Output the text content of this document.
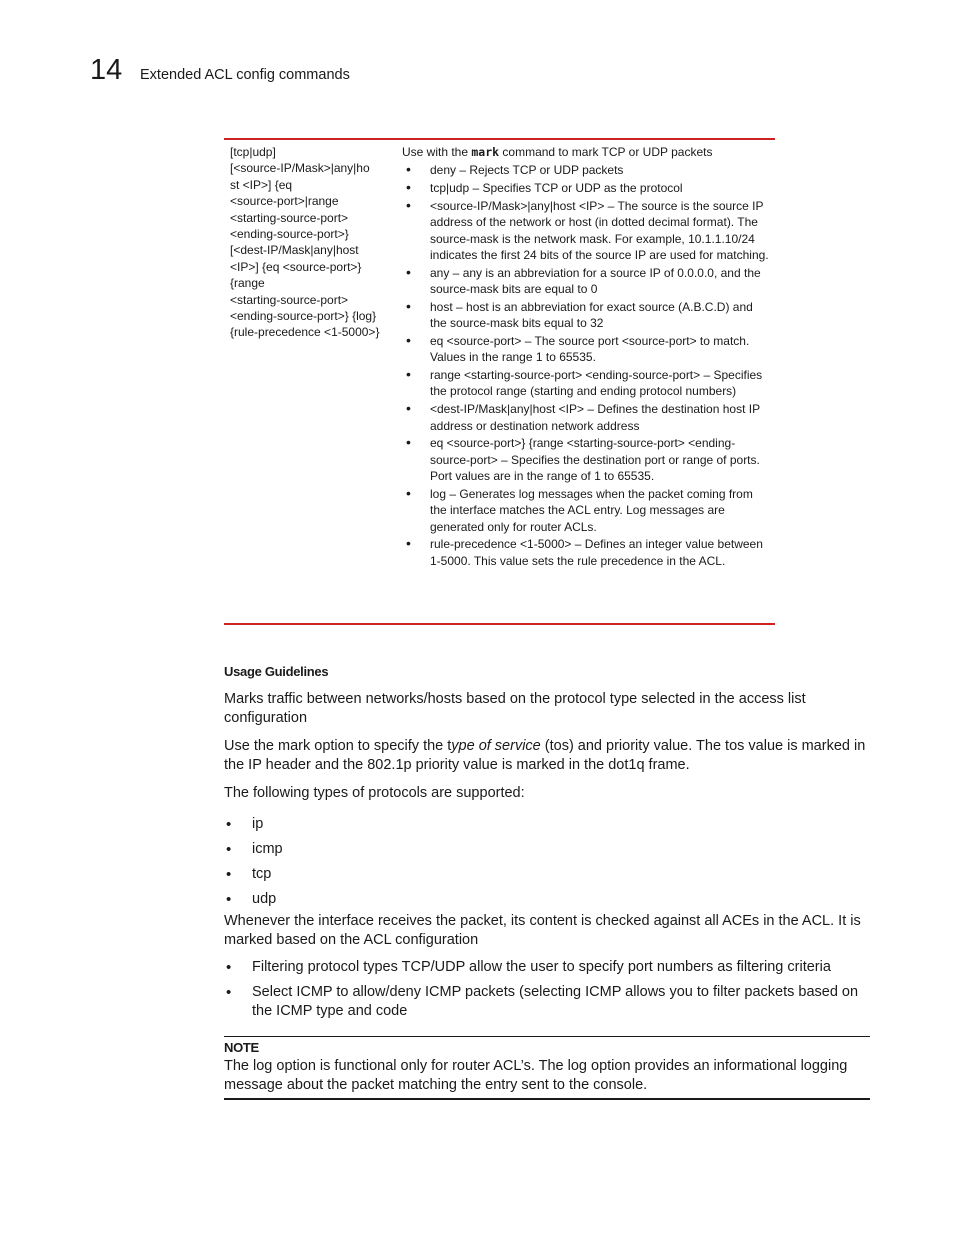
14 Extended ACL config commands
[tcp|udp]
[<source-IP/Mask>|any|ho
st <IP>] {eq
<source-port>|range
<starting-source-port>
<ending-source-port>}
[<dest-IP/Mask|any|host
<IP>] {eq <source-port>}
{range
<starting-source-port>
<ending-source-port>} {log}
{rule-precedence <1-5000>}
Use with the mark command to mark TCP or UDP packets
• deny – Rejects TCP or UDP packets
• tcp|udp – Specifies TCP or UDP as the protocol
• <source-IP/Mask>|any|host <IP> – The source is the source IP address of the network or host (in dotted decimal format). The source-mask is the network mask. For example, 10.1.1.10/24 indicates the first 24 bits of the source IP are used for matching.
• any – any is an abbreviation for a source IP of 0.0.0.0, and the source-mask bits are equal to 0
• host – host is an abbreviation for exact source (A.B.C.D) and the source-mask bits equal to 32
• eq <source-port> – The source port <source-port> to match. Values in the range 1 to 65535.
• range <starting-source-port> <ending-source-port> – Specifies the protocol range (starting and ending protocol numbers)
• <dest-IP/Mask|any|host <IP> – Defines the destination host IP address or destination network address
• eq <source-port>} {range <starting-source-port> <ending-source-port> – Specifies the destination port or range of ports. Port values are in the range of 1 to 65535.
• log – Generates log messages when the packet coming from the interface matches the ACL entry. Log messages are generated only for router ACLs.
• rule-precedence <1-5000> – Defines an integer value between 1-5000. This value sets the rule precedence in the ACL.
Usage Guidelines
Marks traffic between networks/hosts based on the protocol type selected in the access list configuration
Use the mark option to specify the type of service (tos) and priority value. The tos value is marked in the IP header and the 802.1p priority value is marked in the dot1q frame.
The following types of protocols are supported:
• ip
• icmp
• tcp
• udp
Whenever the interface receives the packet, its content is checked against all ACEs in the ACL. It is marked based on the ACL configuration
• Filtering protocol types TCP/UDP allow the user to specify port numbers as filtering criteria
• Select ICMP to allow/deny ICMP packets (selecting ICMP allows you to filter packets based on the ICMP type and code
NOTE
The log option is functional only for router ACL’s. The log option provides an informational logging message about the packet matching the entry sent to the console.
